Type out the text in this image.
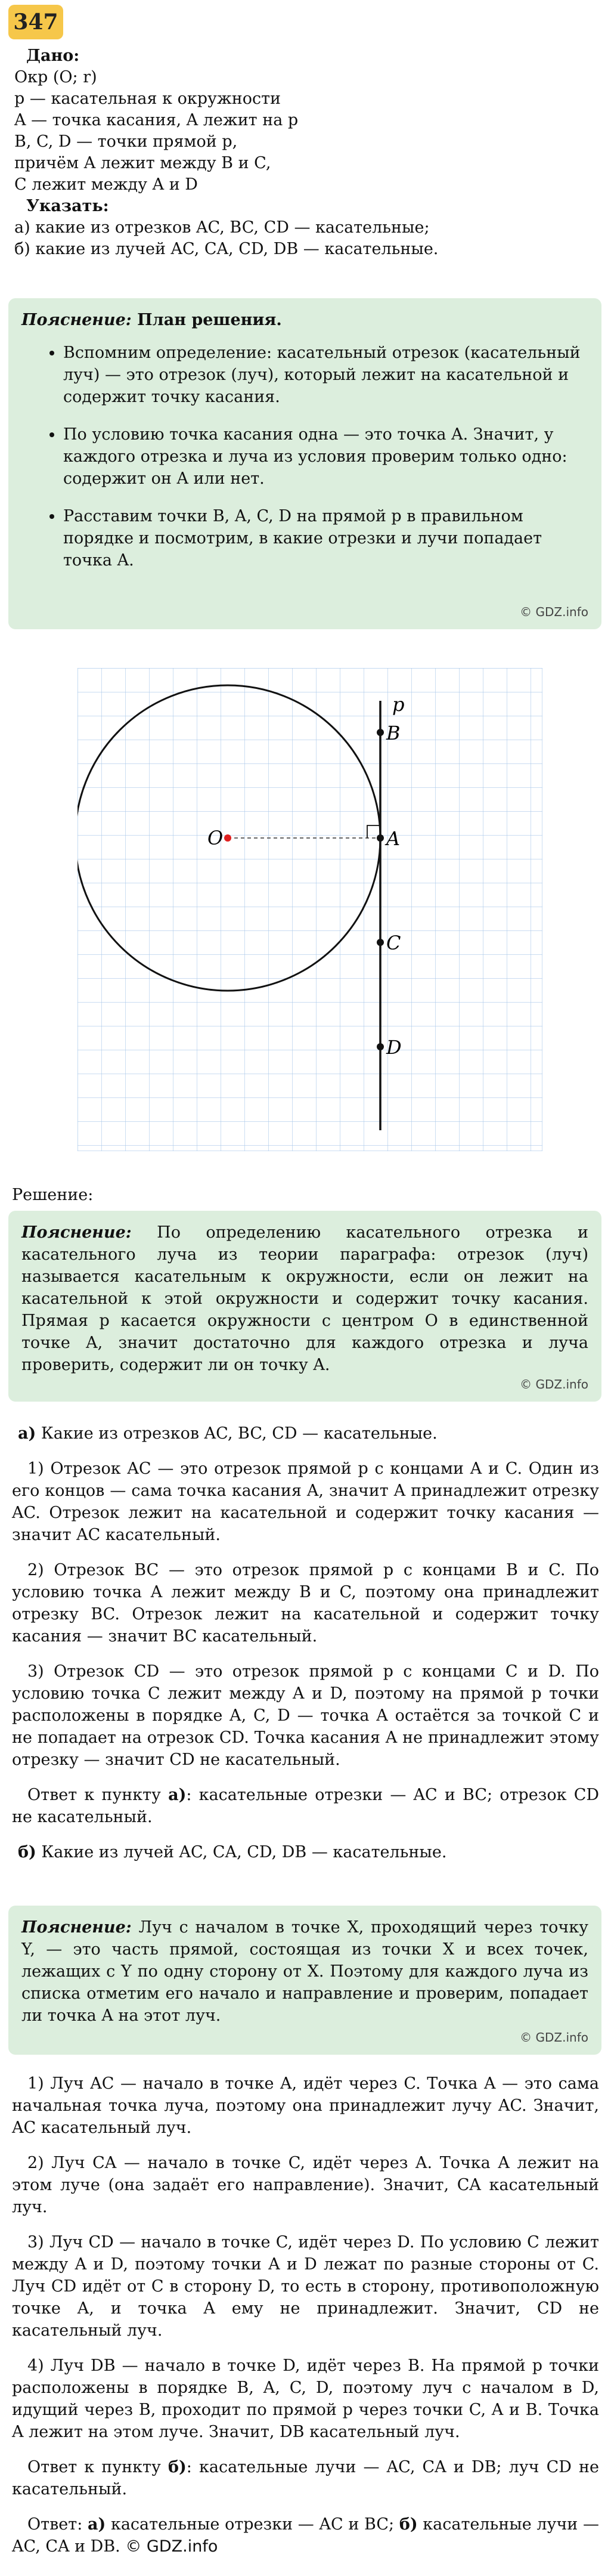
347
Дано:
Окр (O; r)
p — касательная к окружности
A — точка касания, A лежит на p
B, C, D — точки прямой p,
причём A лежит между B и C,
C лежит между A и D
Указать:
а) какие из отрезков AC, BC, CD — касательные;
б) какие из лучей AC, CA, CD, DB — касательные.
Пояснение: План решения.
• Вспомним определение: касательный отрезок (касательный луч) — это отрезок (луч), который лежит на касательной и содержит точку касания.
• По условию точка касания одна — это точка A. Значит, у каждого отрезка и луча из условия проверим только одно: содержит он A или нет.
• Расставим точки B, A, C, D на прямой p в правильном порядке и посмотрим, в какие отрезки и лучи попадает точка A.
© GDZ.info
p
B
O	A
C
D
Решение:
Пояснение: По определению касательного отрезка и касательного луча из теории параграфа: отрезок (луч) называется касательным к окружности, если он лежит на касательной к этой окружности и содержит точку касания. Прямая p касается окружности с центром O в единственной точке A, значит достаточно для каждого отрезка и луча проверить, содержит ли он точку A.
© GDZ.info

а) Какие из отрезков AC, BC, CD — касательные.

1) Отрезок AC — это отрезок прямой p с концами A и C. Один из его концов — сама точка касания A, значит A принадлежит отрезку AC. Отрезок лежит на касательной и содержит точку касания — значит AC касательный.

2) Отрезок BC — это отрезок прямой p с концами B и C. По условию точка A лежит между B и C, поэтому она принадлежит отрезку BC. Отрезок лежит на касательной и содержит точку касания — значит BC касательный.

3) Отрезок CD — это отрезок прямой p с концами C и D. По условию точка C лежит между A и D, поэтому на прямой p точки расположены в порядке A, C, D — точка A остаётся за точкой C и не попадает на отрезок CD. Точка касания A не принадлежит этому отрезку — значит CD не касательный.

Ответ к пункту а): касательные отрезки — AC и BC; отрезок CD не касательный.

б) Какие из лучей AC, CA, CD, DB — касательные.

Пояснение: Луч с началом в точке X, проходящий через точку Y, — это часть прямой, состоящая из точки X и всех точек, лежащих с Y по одну сторону от X. Поэтому для каждого луча из списка отметим его начало и направление и проверим, попадает ли точка A на этот луч.
© GDZ.info

1) Луч AC — начало в точке A, идёт через C. Точка A — это сама начальная точка луча, поэтому она принадлежит лучу AC. Значит, AC касательный луч.

2) Луч CA — начало в точке C, идёт через A. Точка A лежит на этом луче (она задаёт его направление). Значит, CA касательный луч.

3) Луч CD — начало в точке C, идёт через D. По условию C лежит между A и D, поэтому точки A и D лежат по разные стороны от C. Луч CD идёт от C в сторону D, то есть в сторону, противоположную точке A, и точка A ему не принадлежит. Значит, CD не касательный луч.

4) Луч DB — начало в точке D, идёт через B. На прямой p точки расположены в порядке B, A, C, D, поэтому луч с началом в D, идущий через B, проходит по прямой p через точки C, A и B. Точка A лежит на этом луче. Значит, DB касательный луч.

Ответ к пункту б): касательные лучи — AC, CA и DB; луч CD не касательный.

Ответ: а) касательные отрезки — AC и BC; б) касательные лучи — AC, CA и DB. © GDZ.info
